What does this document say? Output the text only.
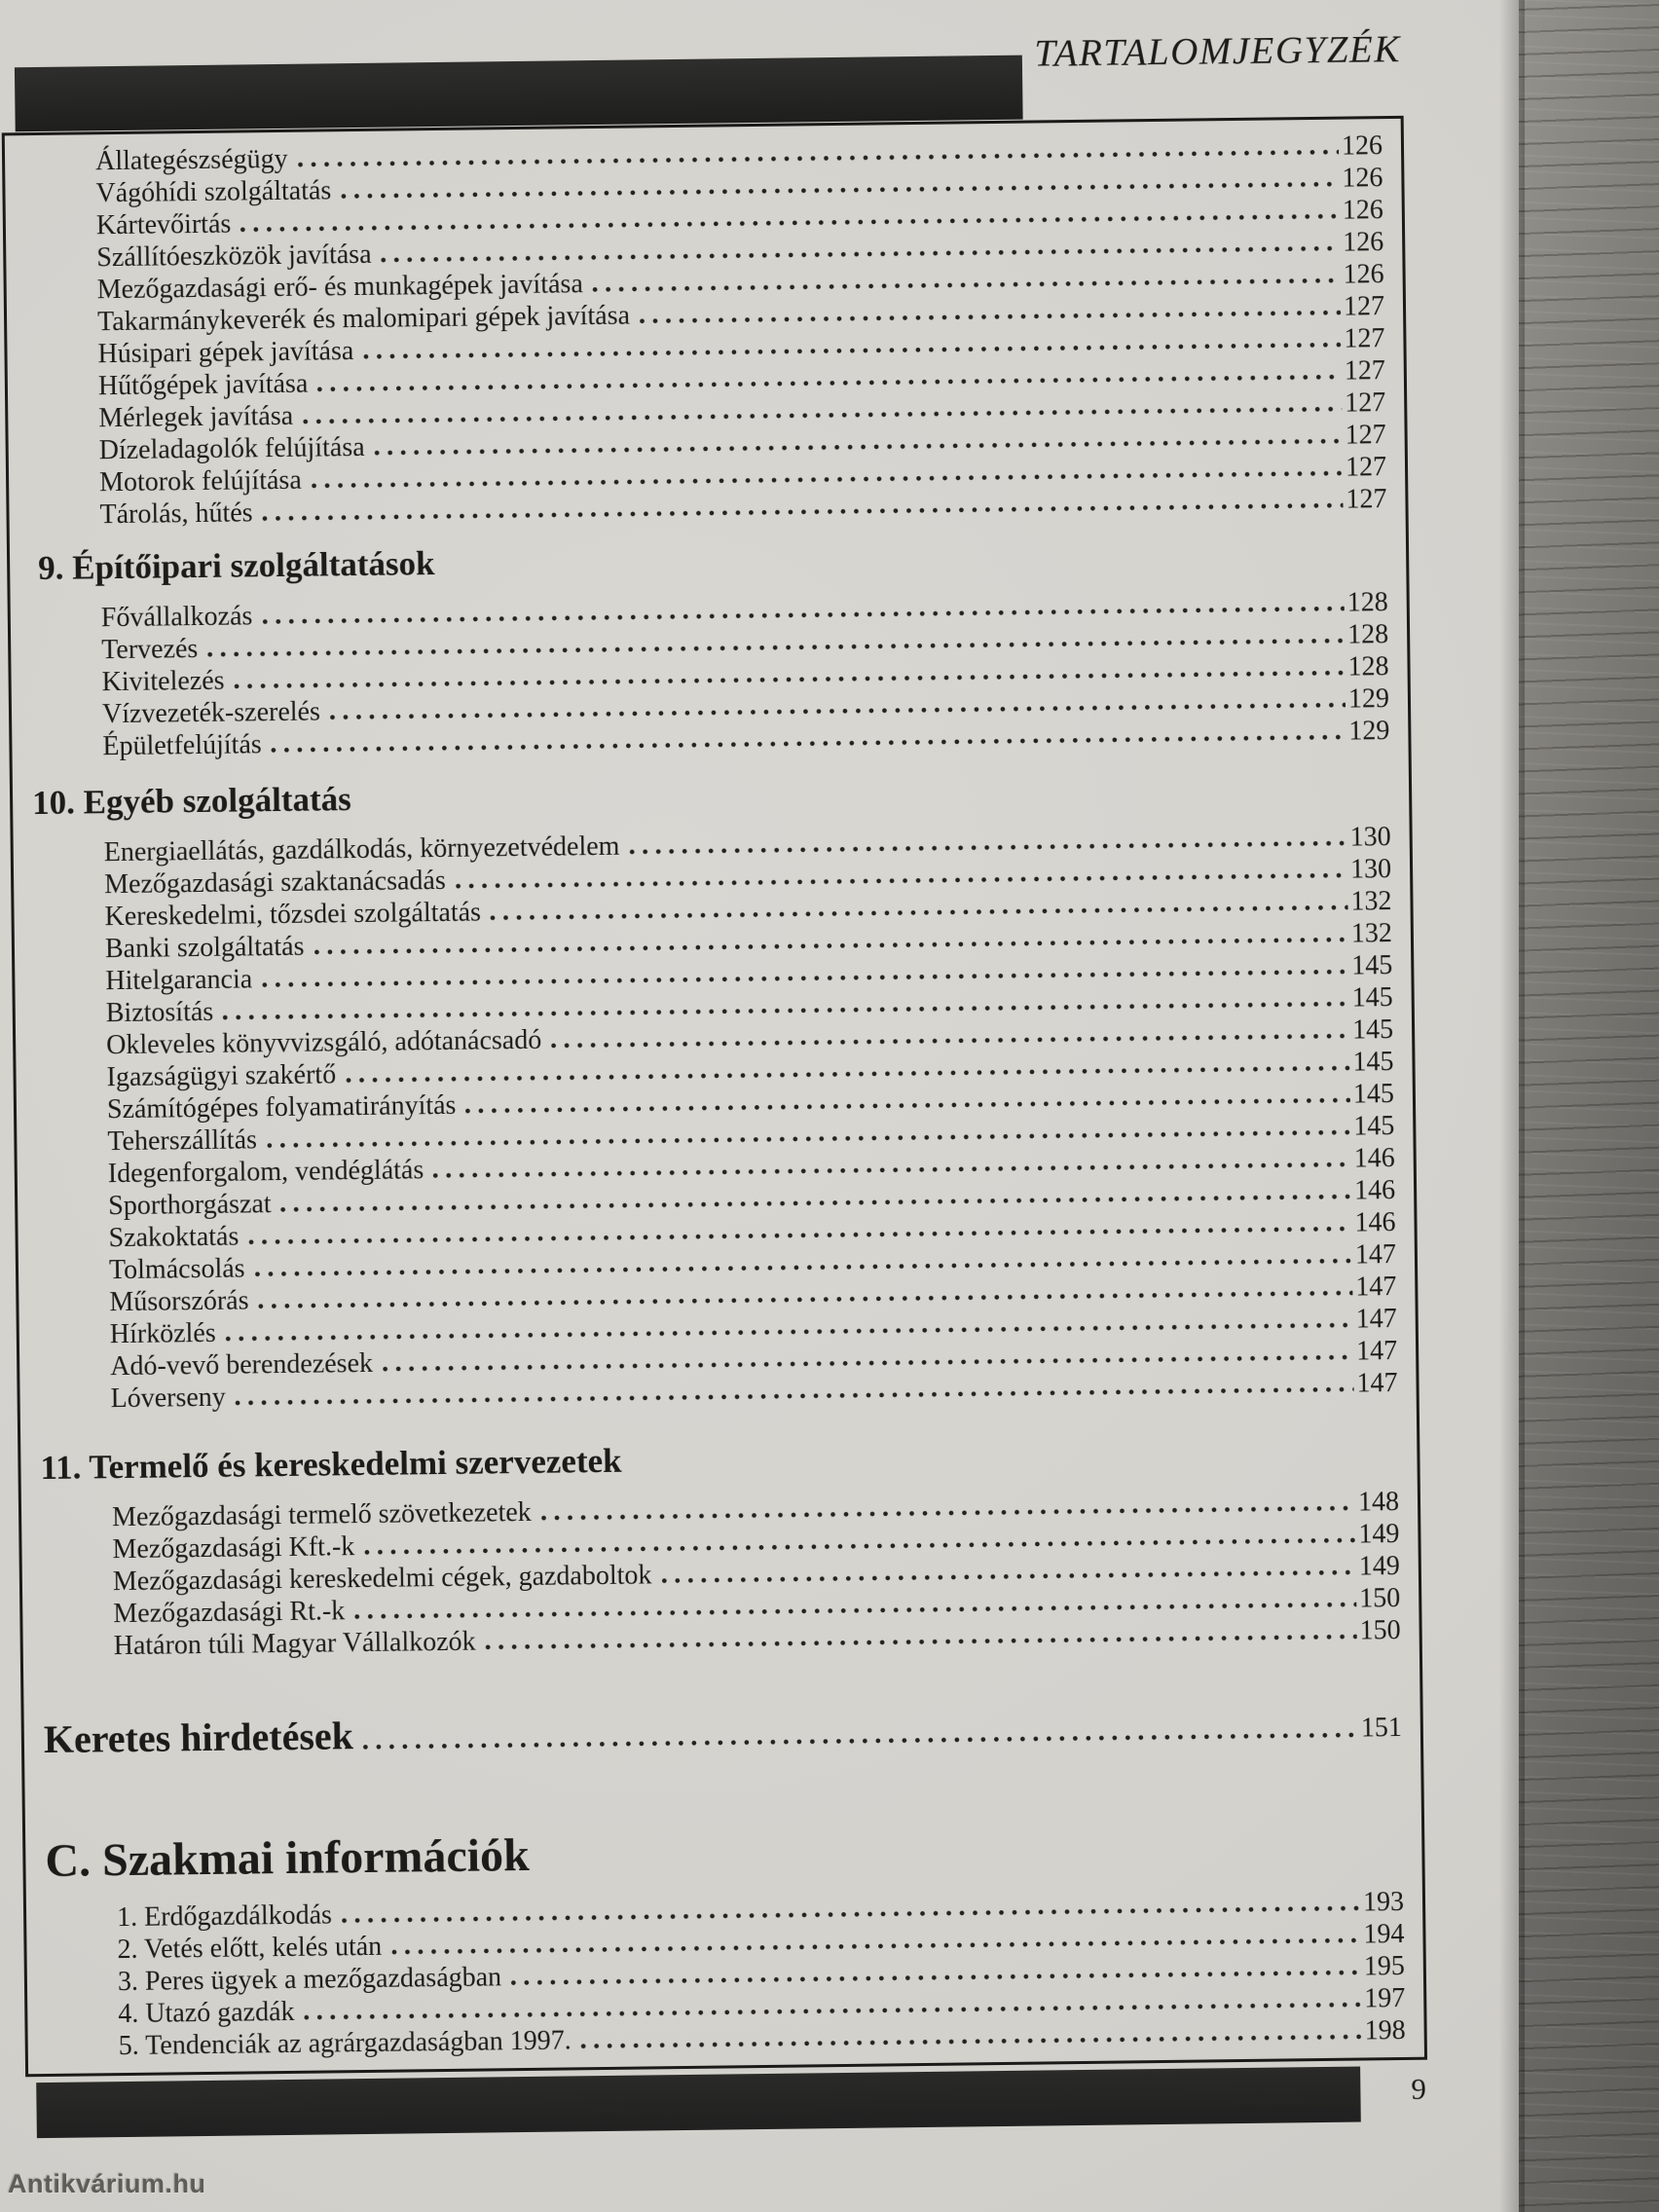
TARTALOMJEGYZÉK
Állategészségügy	126
Vágóhídi szolgáltatás	126
Kártevőirtás	126
Szállítóeszközök javítása	126
Mezőgazdasági erő- és munkagépek javítása	126
Takarmánykeverék és malomipari gépek javítása	127
Húsipari gépek javítása	127
Hűtőgépek javítása	127
Mérlegek javítása	127
Dízeladagolók felújítása	127
Motorok felújítása	127
Tárolás, hűtés	127
9. Építőipari szolgáltatások
Fővállalkozás	128
Tervezés	128
Kivitelezés	128
Vízvezeték-szerelés	129
Épületfelújítás	129
10. Egyéb szolgáltatás
Energiaellátás, gazdálkodás, környezetvédelem	130
Mezőgazdasági szaktanácsadás	130
Kereskedelmi, tőzsdei szolgáltatás	132
Banki szolgáltatás	132
Hitelgarancia	145
Biztosítás	145
Okleveles könyvvizsgáló, adótanácsadó	145
Igazságügyi szakértő	145
Számítógépes folyamatirányítás	145
Teherszállítás	145
Idegenforgalom, vendéglátás	146
Sporthorgászat	146
Szakoktatás	146
Tolmácsolás	147
Műsorszórás	147
Hírközlés	147
Adó-vevő berendezések	147
Lóverseny	147
11. Termelő és kereskedelmi szervezetek
Mezőgazdasági termelő szövetkezetek	148
Mezőgazdasági Kft.-k	149
Mezőgazdasági kereskedelmi cégek, gazdaboltok	149
Mezőgazdasági Rt.-k	150
Határon túli Magyar Vállalkozók	150
Keretes hirdetések	151
C. Szakmai információk
1. Erdőgazdálkodás	193
2. Vetés előtt, kelés után	194
3. Peres ügyek a mezőgazdaságban	195
4. Utazó gazdák	197
5. Tendenciák az agrárgazdaságban 1997.	198
9
Antikvárium.hu
